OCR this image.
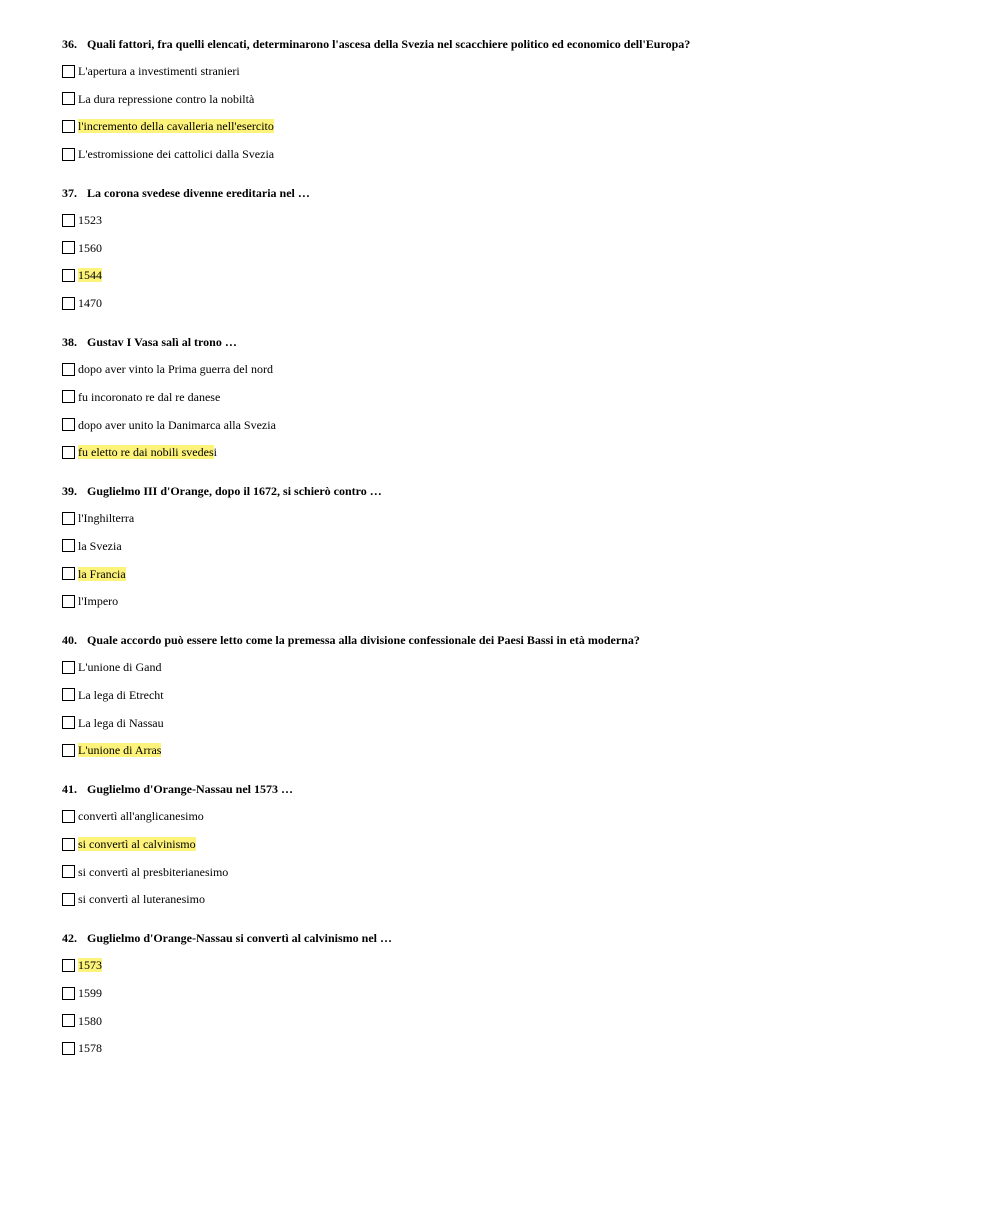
36. Quali fattori, fra quelli elencati, determinarono l'ascesa della Svezia nel scacchiere politico ed economico dell'Europa?
L'apertura a investimenti stranieri
La dura repressione contro la nobiltà
l'incremento della cavalleria nell'esercito
L'estromissione dei cattolici dalla Svezia
37. La corona svedese divenne ereditaria nel …
1523
1560
1544
1470
38. Gustav I Vasa salì al trono …
dopo aver vinto la Prima guerra del nord
fu incoronato re dal re danese
dopo aver unito la Danimarca alla Svezia
fu eletto re dai nobili svedesi
39. Guglielmo III d'Orange, dopo il 1672, si schierò contro …
l'Inghilterra
la Svezia
la Francia
l'Impero
40. Quale accordo può essere letto come la premessa alla divisione confessionale dei Paesi Bassi in età moderna?
L'unione di Gand
La lega di Etrecht
La lega di Nassau
L'unione di Arras
41. Guglielmo d'Orange-Nassau nel 1573 …
convertì all'anglicanesimo
si convertì al calvinismo
si convertì al presbiterianesimo
si convertì al luteranesimo
42. Guglielmo d'Orange-Nassau si convertì al calvinismo nel …
1573
1599
1580
1578
